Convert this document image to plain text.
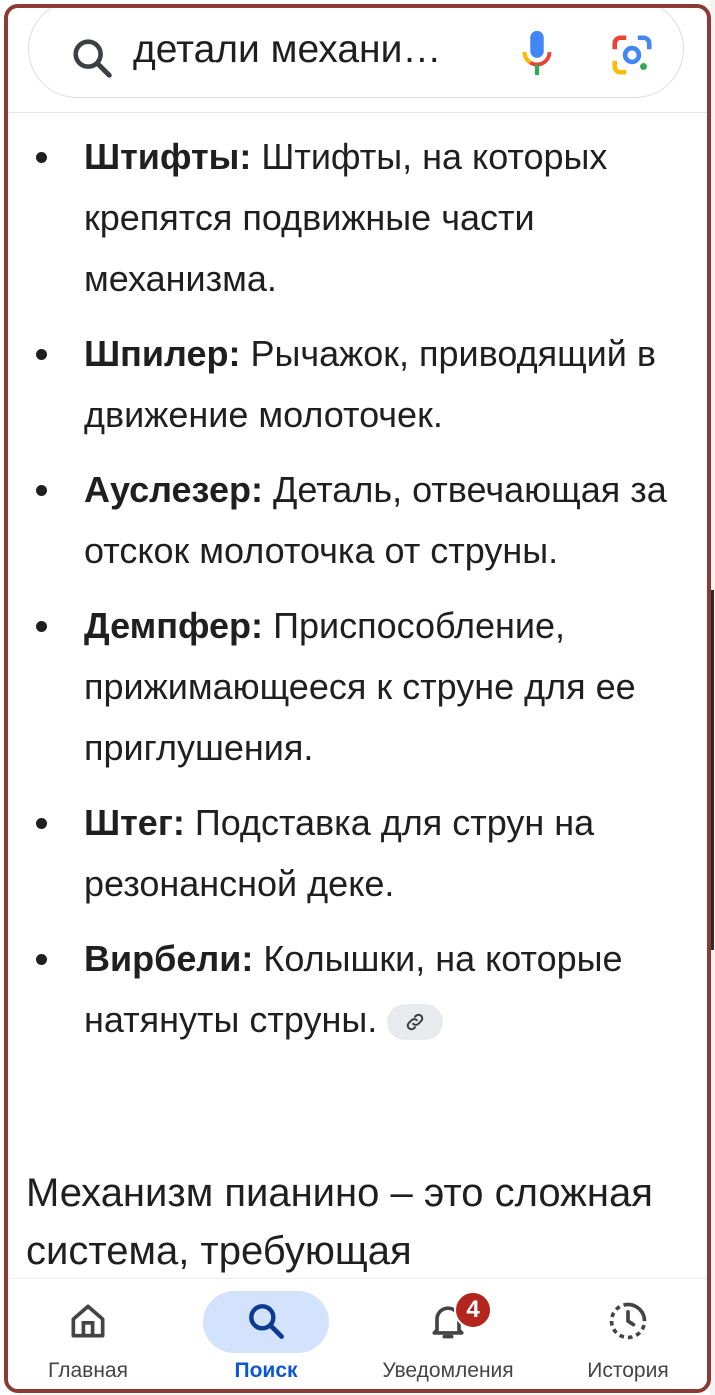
детали механи…
Штифты: Штифты, на которых крепятся подвижные части механизма.
Шпилер: Рычажок, приводящий в движение молоточек.
Ауслезер: Деталь, отвечающая за отскок молоточка от струны.
Демпфер: Приспособление, прижимающееся к струне для ее приглушения.
Штег: Подставка для струн на резонансной деке.
Вирбели: Колышки, на которые натянуты струны.
Механизм пианино – это сложная система, требующая
Главная	Поиск
4
Уведомления	История
